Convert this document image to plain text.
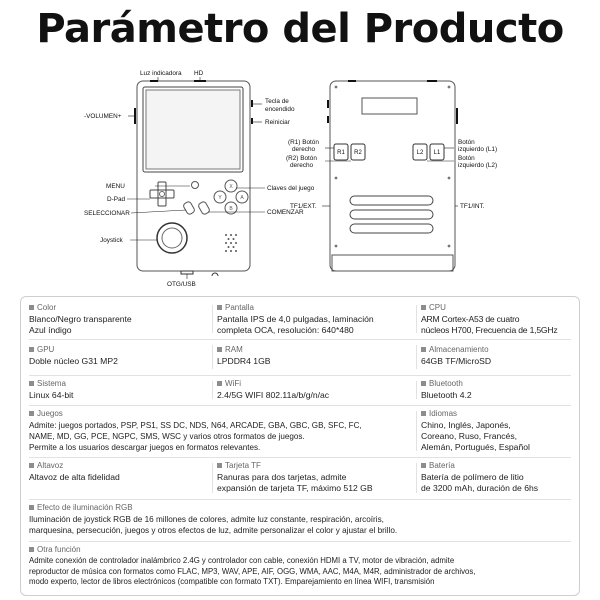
Parámetro del Producto
X
Y	A
B
Luz indicadora HD
-VOLUMEN+
Tecla de encendido
Reiniciar
MENU
D-Pad
SELECCIONAR
Joystick
Claves del juego
COMENZAR
OTG/USB
R1 R2	L2 L1
(R1) Botón derecho
(R2) Botón derecho
Botón izquierdo (L1)
Botón izquierdo (L2)
TF1/EXT.	TF1/INT.
Color
Blanco/Negro transparente
Azul índigo
Pantalla
Pantalla IPS de 4,0 pulgadas, laminación
completa OCA, resolución: 640*480
CPU
ARM Cortex-A53 de cuatro
núcleos H700, Frecuencia de 1,5GHz
GPU
Doble núcleo G31 MP2
RAM
LPDDR4 1GB
Almacenamiento
64GB TF/MicroSD
Sistema
Linux 64-bit
WiFi
2.4/5G WIFI 802.11a/b/g/n/ac
Bluetooth
Bluetooth 4.2
Juegos
Admite: juegos portados, PSP, PS1, SS DC, NDS, N64, ARCADE, GBA, GBC, GB, SFC, FC,
NAME, MD, GG, PCE, NGPC, SMS, WSC y varios otros formatos de juegos.
Permite a los usuarios descargar juegos en formatos relevantes.
Idiomas
Chino, Inglés, Japonés,
Coreano, Ruso, Francés,
Alemán, Portugués, Español
Altavoz
Altavoz de alta fidelidad
Tarjeta TF
Ranuras para dos tarjetas, admite
expansión de tarjeta TF, máximo 512 GB
Batería
Batería de polímero de litio
de 3200 mAh, duración de 6hs
Efecto de iluminación RGB
Iluminación de joystick RGB de 16 millones de colores, admite luz constante, respiración, arcoíris,
marquesina, persecución, juegos y otros efectos de luz, admite personalizar el color y ajustar el brillo.
Otra función
Admite conexión de controlador inalámbrico 2.4G y controlador con cable, conexión HDMI a TV, motor de vibración, admite
reproductor de música con formatos como FLAC, MP3, WAV, APE, AIF, OGG, WMA, AAC, M4A, M4R, administrador de archivos,
modo experto, lector de libros electrónicos (compatible con formato TXT). Emparejamiento en línea WIFI, transmisión
